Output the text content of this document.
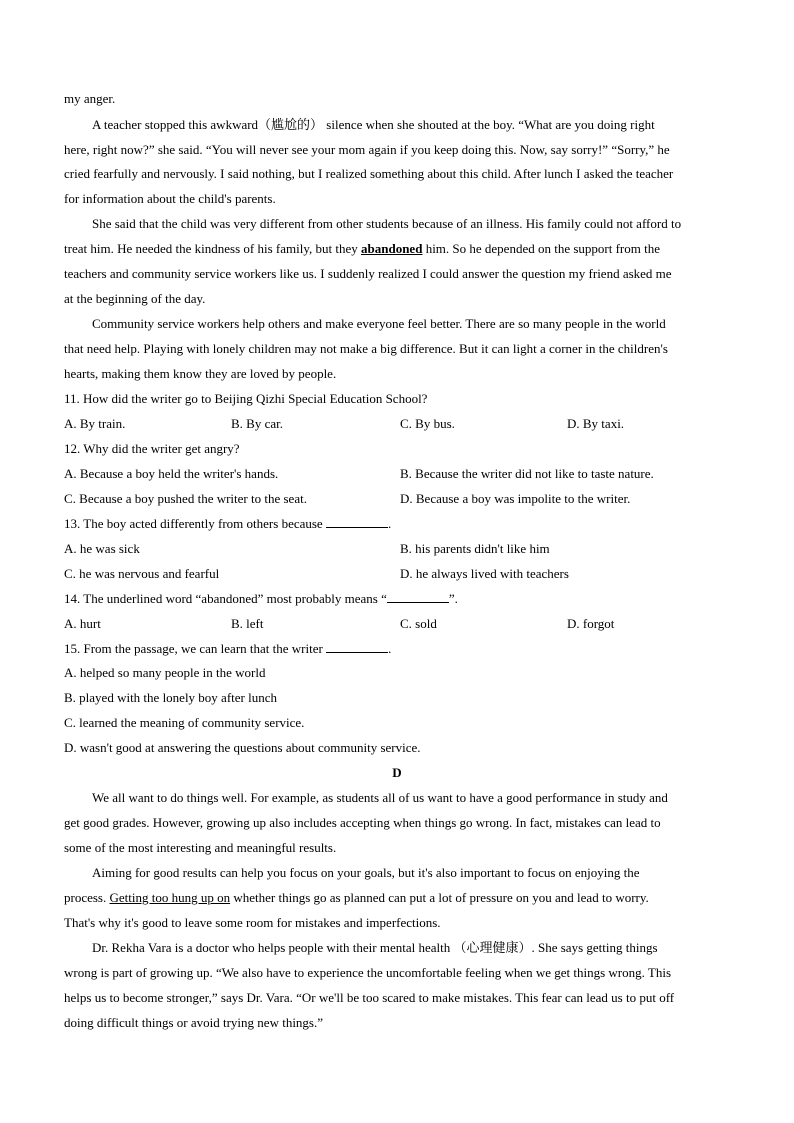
my anger.
A teacher stopped this awkward（尴尬的） silence when she shouted at the boy. “What are you doing right
here, right now?” she said. “You will never see your mom again if you keep doing this. Now, say sorry!” “Sorry,” he
cried fearfully and nervously. I said nothing, but I realized something about this child. After lunch I asked the teacher
for information about the child's parents.
She said that the child was very different from other students because of an illness. His family could not afford to
treat him. He needed the kindness of his family, but they abandoned him. So he depended on the support from the
teachers and community service workers like us. I suddenly realized I could answer the question my friend asked me
at the beginning of the day.
Community service workers help others and make everyone feel better. There are so many people in the world
that need help. Playing with lonely children may not make a big difference. But it can light a corner in the children's
hearts, making them know they are loved by people.
11. How did the writer go to Beijing Qizhi Special Education School?
A. By train.	B. By car.	C. By bus.	D. By taxi.
12. Why did the writer get angry?
A. Because a boy held the writer's hands.	B. Because the writer did not like to taste nature.
C. Because a boy pushed the writer to the seat.	D. Because a boy was impolite to the writer.
13. The boy acted differently from others because	.
A. he was sick	B. his parents didn't like him
C. he was nervous and fearful	D. he always lived with teachers
14. The underlined word “abandoned” most probably means “	”.
A. hurt	B. left	C. sold	D. forgot
15. From the passage, we can learn that the writer	.
A. helped so many people in the world
B. played with the lonely boy after lunch
C. learned the meaning of community service.
D. wasn't good at answering the questions about community service.
D
We all want to do things well. For example, as students all of us want to have a good performance in study and
get good grades. However, growing up also includes accepting when things go wrong. In fact, mistakes can lead to
some of the most interesting and meaningful results.
Aiming for good results can help you focus on your goals, but it's also important to focus on enjoying the
process. Getting too hung up on whether things go as planned can put a lot of pressure on you and lead to worry.
That's why it's good to leave some room for mistakes and imperfections.
Dr. Rekha Vara is a doctor who helps people with their mental health （心理健康）. She says getting things
wrong is part of growing up. “We also have to experience the uncomfortable feeling when we get things wrong. This
helps us to become stronger,” says Dr. Vara. “Or we'll be too scared to make mistakes. This fear can lead us to put off
doing difficult things or avoid trying new things.”
